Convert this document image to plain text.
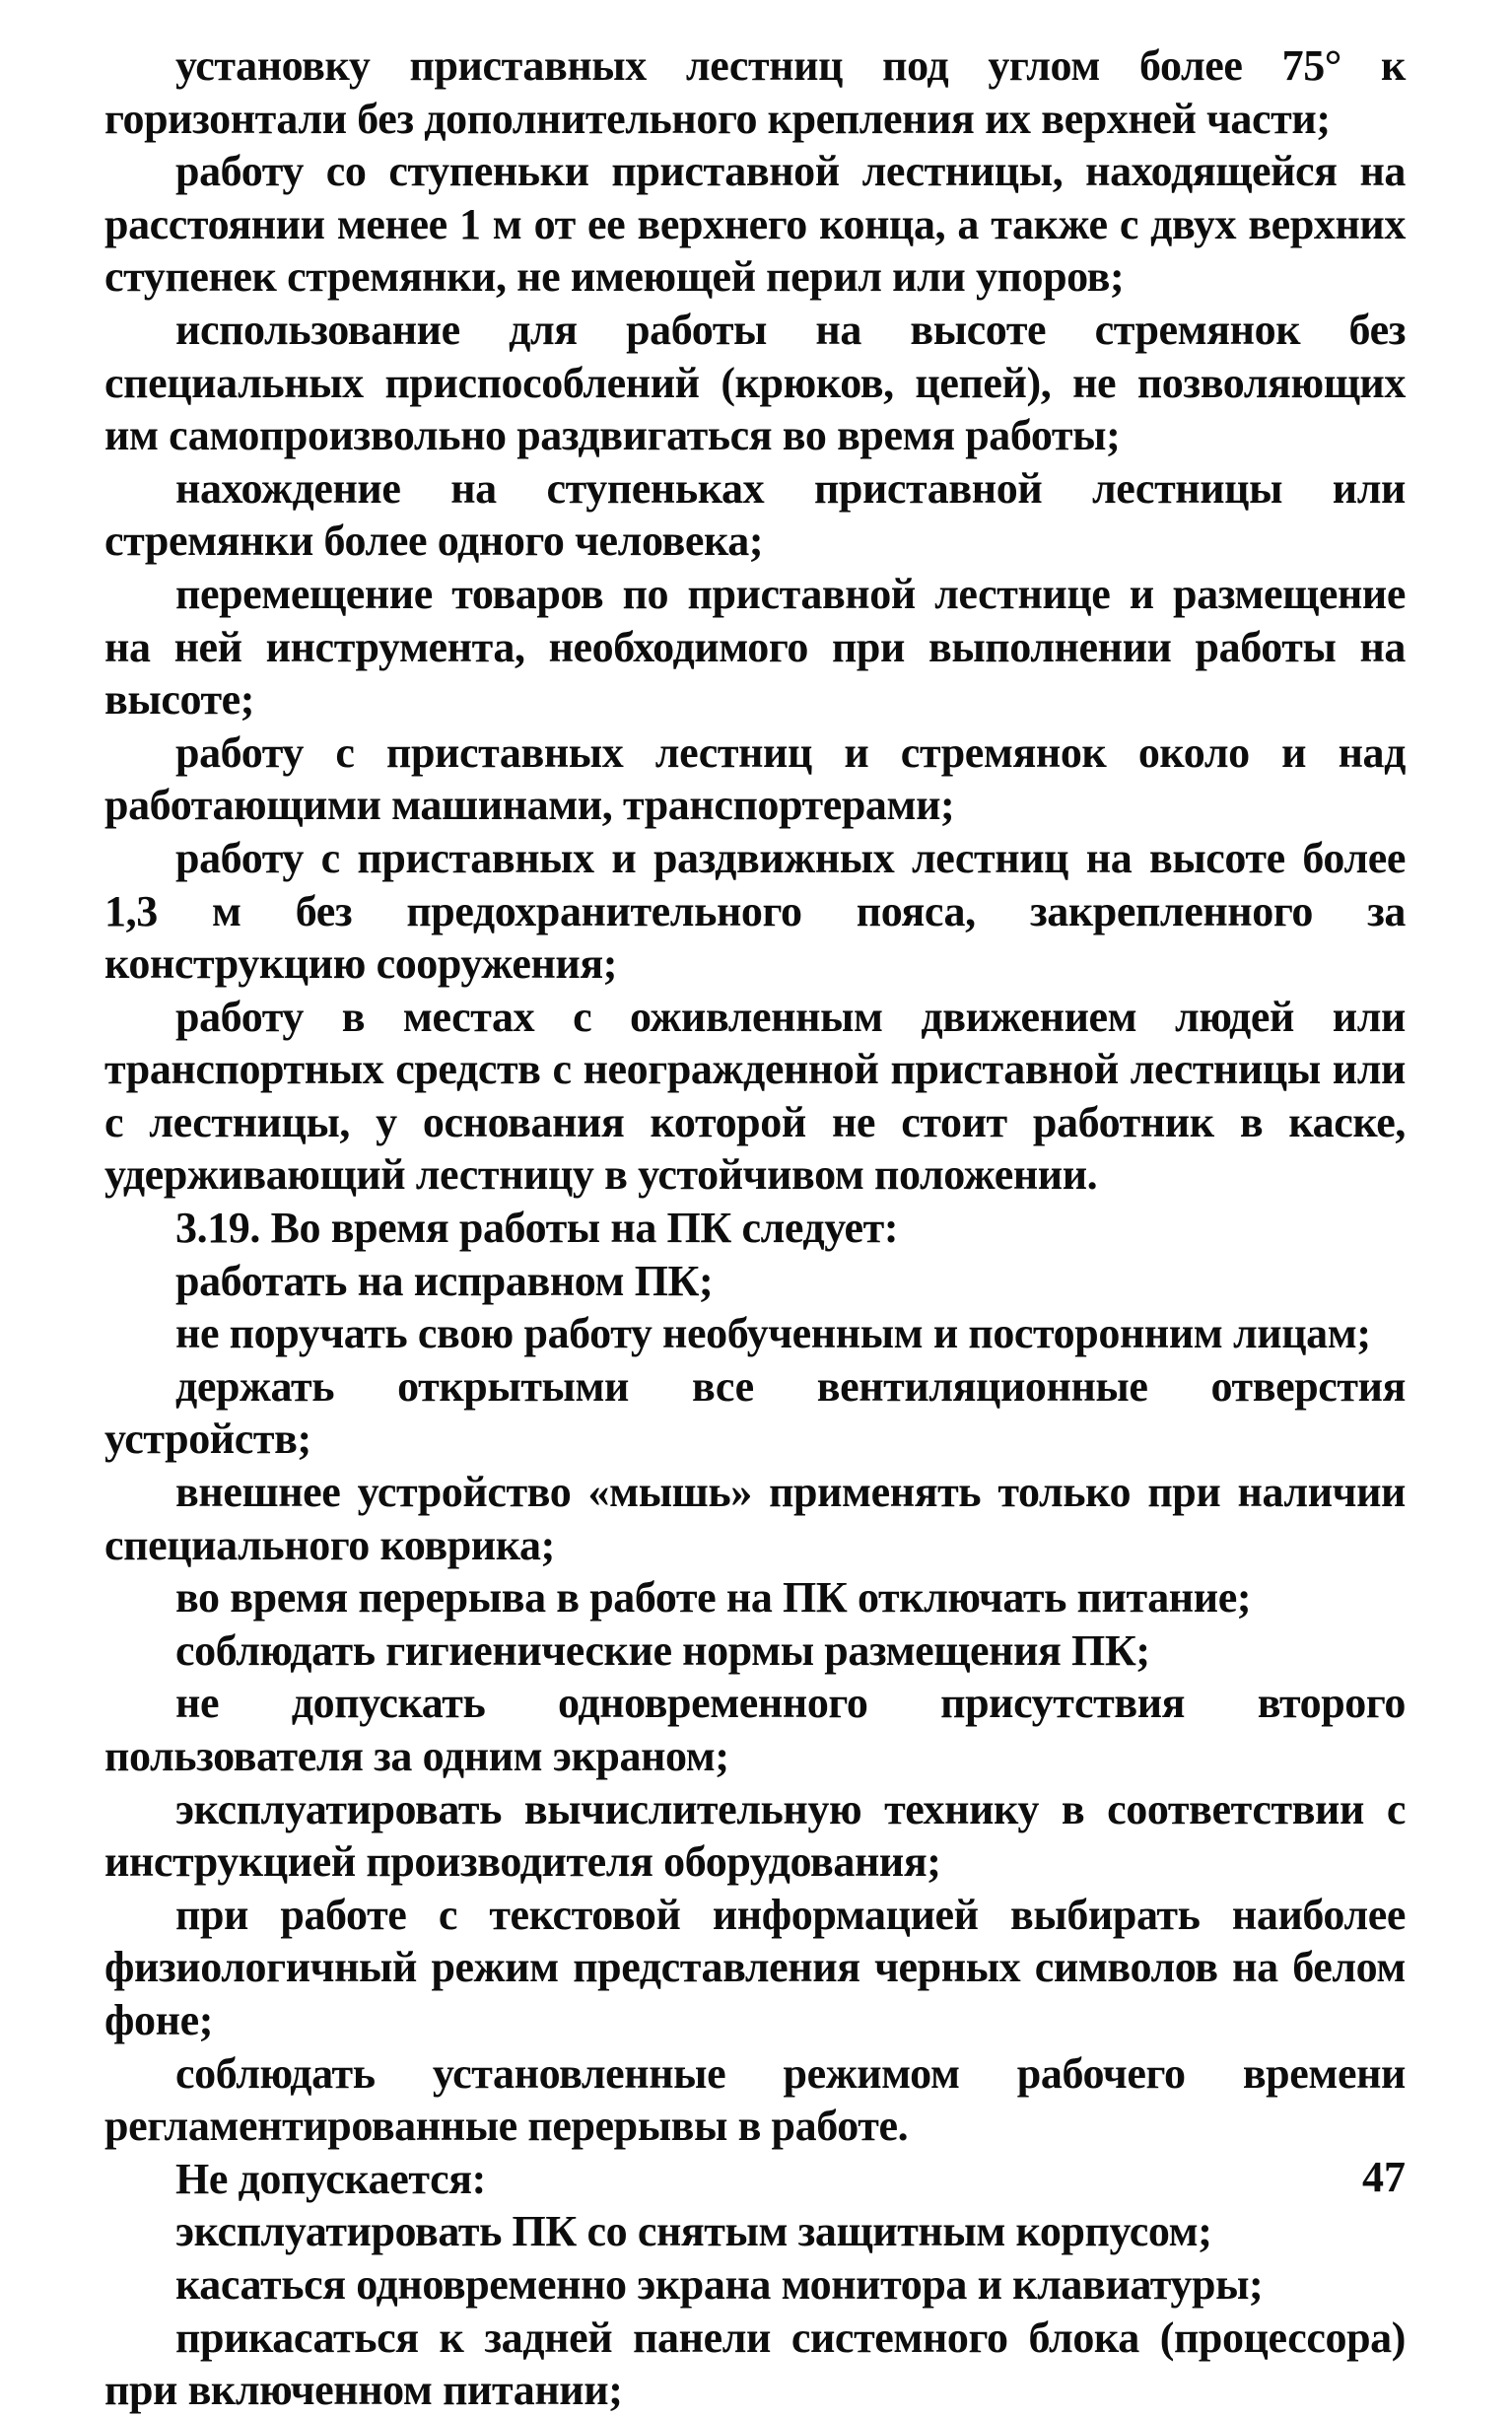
установку приставных лестниц под углом более 75° к горизонтали без дополнительного крепления их верхней части;

работу со ступеньки приставной лестницы, находящейся на расстоянии менее 1 м от ее верхнего конца, а также с двух верхних ступенек стремянки, не имеющей перил или упоров;

использование для работы на высоте стремянок без специальных приспособлений (крюков, цепей), не позволяющих им самопроизвольно раздвигаться во время работы;

нахождение на ступеньках приставной лестницы или стремянки более одного человека;

перемещение товаров по приставной лестнице и размещение на ней инструмента, необходимого при выполнении работы на высоте;

работу с приставных лестниц и стремянок около и над работающими машинами, транспортерами;

работу с приставных и раздвижных лестниц на высоте более 1,3 м без предохранительного пояса, закрепленного за конструкцию сооружения;

работу в местах с оживленным движением людей или транспортных средств с неогражденной приставной лестницы или с лестницы, у основания которой не стоит работник в каске, удерживающий лестницу в устойчивом положении.

3.19. Во время работы на ПК следует:

работать на исправном ПК;

не поручать свою работу необученным и посторонним лицам;

держать открытыми все вентиляционные отверстия устройств;

внешнее устройство «мышь» применять только при наличии специального коврика;

во время перерыва в работе на ПК отключать питание;

соблюдать гигиенические нормы размещения ПК;

не допускать одновременного присутствия второго пользователя за одним экраном;

эксплуатировать вычислительную технику в соответствии с инструкцией производителя оборудования;

при работе с текстовой информацией выбирать наиболее физиологичный режим представления черных символов на белом фоне;

соблюдать установленные режимом рабочего времени регламентированные перерывы в работе.

Не допускается:

эксплуатировать ПК со снятым защитным корпусом;

касаться одновременно экрана монитора и клавиатуры;

прикасаться к задней панели системного блока (процессора) при включенном питании;

47
